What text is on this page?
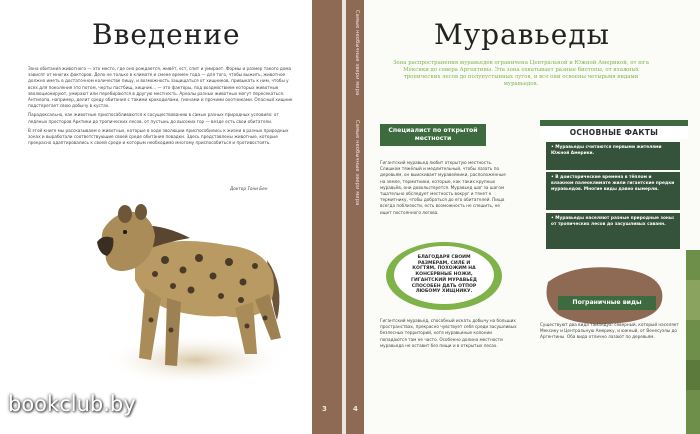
Введение

Зона обитания животного — это место, где оно рождается, живёт, ест, спит и умирает. Формы и размер такого дома зависят от многих факторов. Дело не только в климате и смене времен года — для того, чтобы выжить, животное должно иметь в достаточном количестве пищу, и возможность защищаться от хищников, привыкать к ним, чтобы у всех для поколения это потом, черты пастбищ, хищник... — это факторы, под воздействием которых животные эволюционируют, умирают или перебираются в другую местность. Ареалы разных животных могут пересекаться. Антилопа, например, делит среду обитания с такими крокодилами, гиенами и прочими охотниками. Опасный хищник подстерегает свою добычу в кустах.

Парадоксально, как животные приспосабливаются к сосуществованию в самых разных природных условиях: от ледяных просторов Арктики до тропических лесов, от пустынь до высоких гор — везде есть свои обитатели.

В этой книге мы рассказываем о животных, которые в ходе эволюции приспособились к жизни в разных природных зонах и выработали соответствующие своей среде обитания повадки. Здесь представлены животные, которые прекрасно адаптировались к своей среде и которым необходимо многому приспособиться и противостоять.

Доктор Тони Бен
3
Самые необычные звери мира
Самые необычные звери мира
4
Муравьеды
Зона распространения муравьедов ограничена Центральной и Южной Америкой, от юга Мексики до севера Аргентины. Эта зона охватывает разные биотопы, от влажных тропических лесов до полупустынных лугов, и все они освоены четырьмя видами муравьедов.
Специалист по открытой местности

Гигантский муравьед любит открытую местность. Слишком тяжёлый и медлительный, чтобы лазать по деревьям, он выискивает муравейники, расположенные на земле, термитники, которые, как таких крупных муравьёв, они довольствуется. Муравьед шаг за шагом тщательно обследует местность вокруг и тянет к термитнику, чтобы добраться до его обитателей. Пища всегда поблизости, есть возможность не спешить, не ищет постоянного логова.

БЛАГОДАРЯ СВОИМ РАЗМЕРАМ, СИЛЕ И КОГТЯМ, ПОХОЖИМ НА КОНСЕРВНЫЕ НОЖИ, ГИГАНТСКИЙ МУРАВЬЕД СПОСОБЕН ДАТЬ ОТПОР ЛЮБОМУ ХИЩНИКУ.

Гигантский муравьед, способный искать добычу на больших пространствах, прекрасно чувствует себя среди засушливых безлесных территорий, хотя муравьиные колонии попадаются там не часто. Особенно долина местности муравьеда не оставит без пищи и в открытых лесах.

ОСНОВНЫЕ ФАКТЫ
• Муравьеды считаются первыми жителями Южной Америки.
• В доисторические времена в тёплом и влажном палеоклимате жили гигантские предки муравьедов. Многие виды давно вымерли.
• Муравьеды населяют разные природные зоны: от тропических лесов до засушливых саванн.
Пограничные виды

Существуют два вида тамандуа: северный, который населяет Мексику и Центральную Америку, и южный, от Венесуэлы до Аргентины. Оба вида отлично лазают по деревьям.

bookclub.by
